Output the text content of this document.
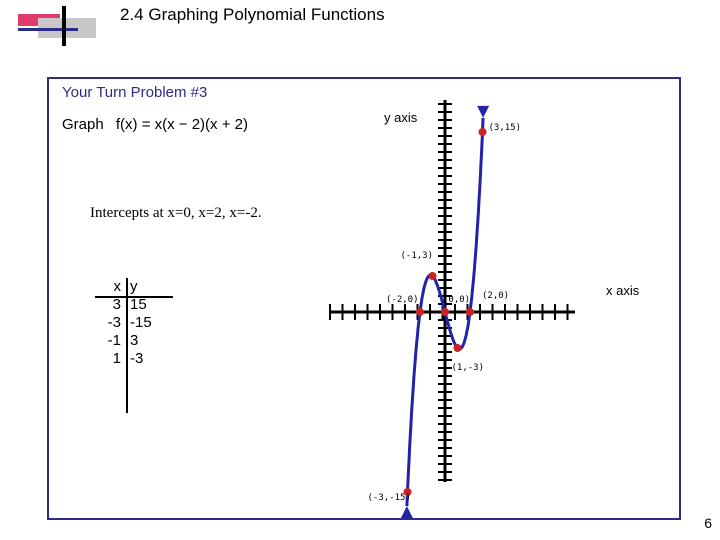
2.4 Graphing Polynomial Functions
Your Turn Problem #3
Graph f(x) = x(x − 2)(x + 2)
Intercepts at x=0, x=2, x=-2.
x
3
-3
-1
1
y
15
-15
3
-3
(3,15)
(-1,3)
(-2,0)	(0,0) (2,0)
(1,-3)
(-3,-15)
y axis
x axis
6
